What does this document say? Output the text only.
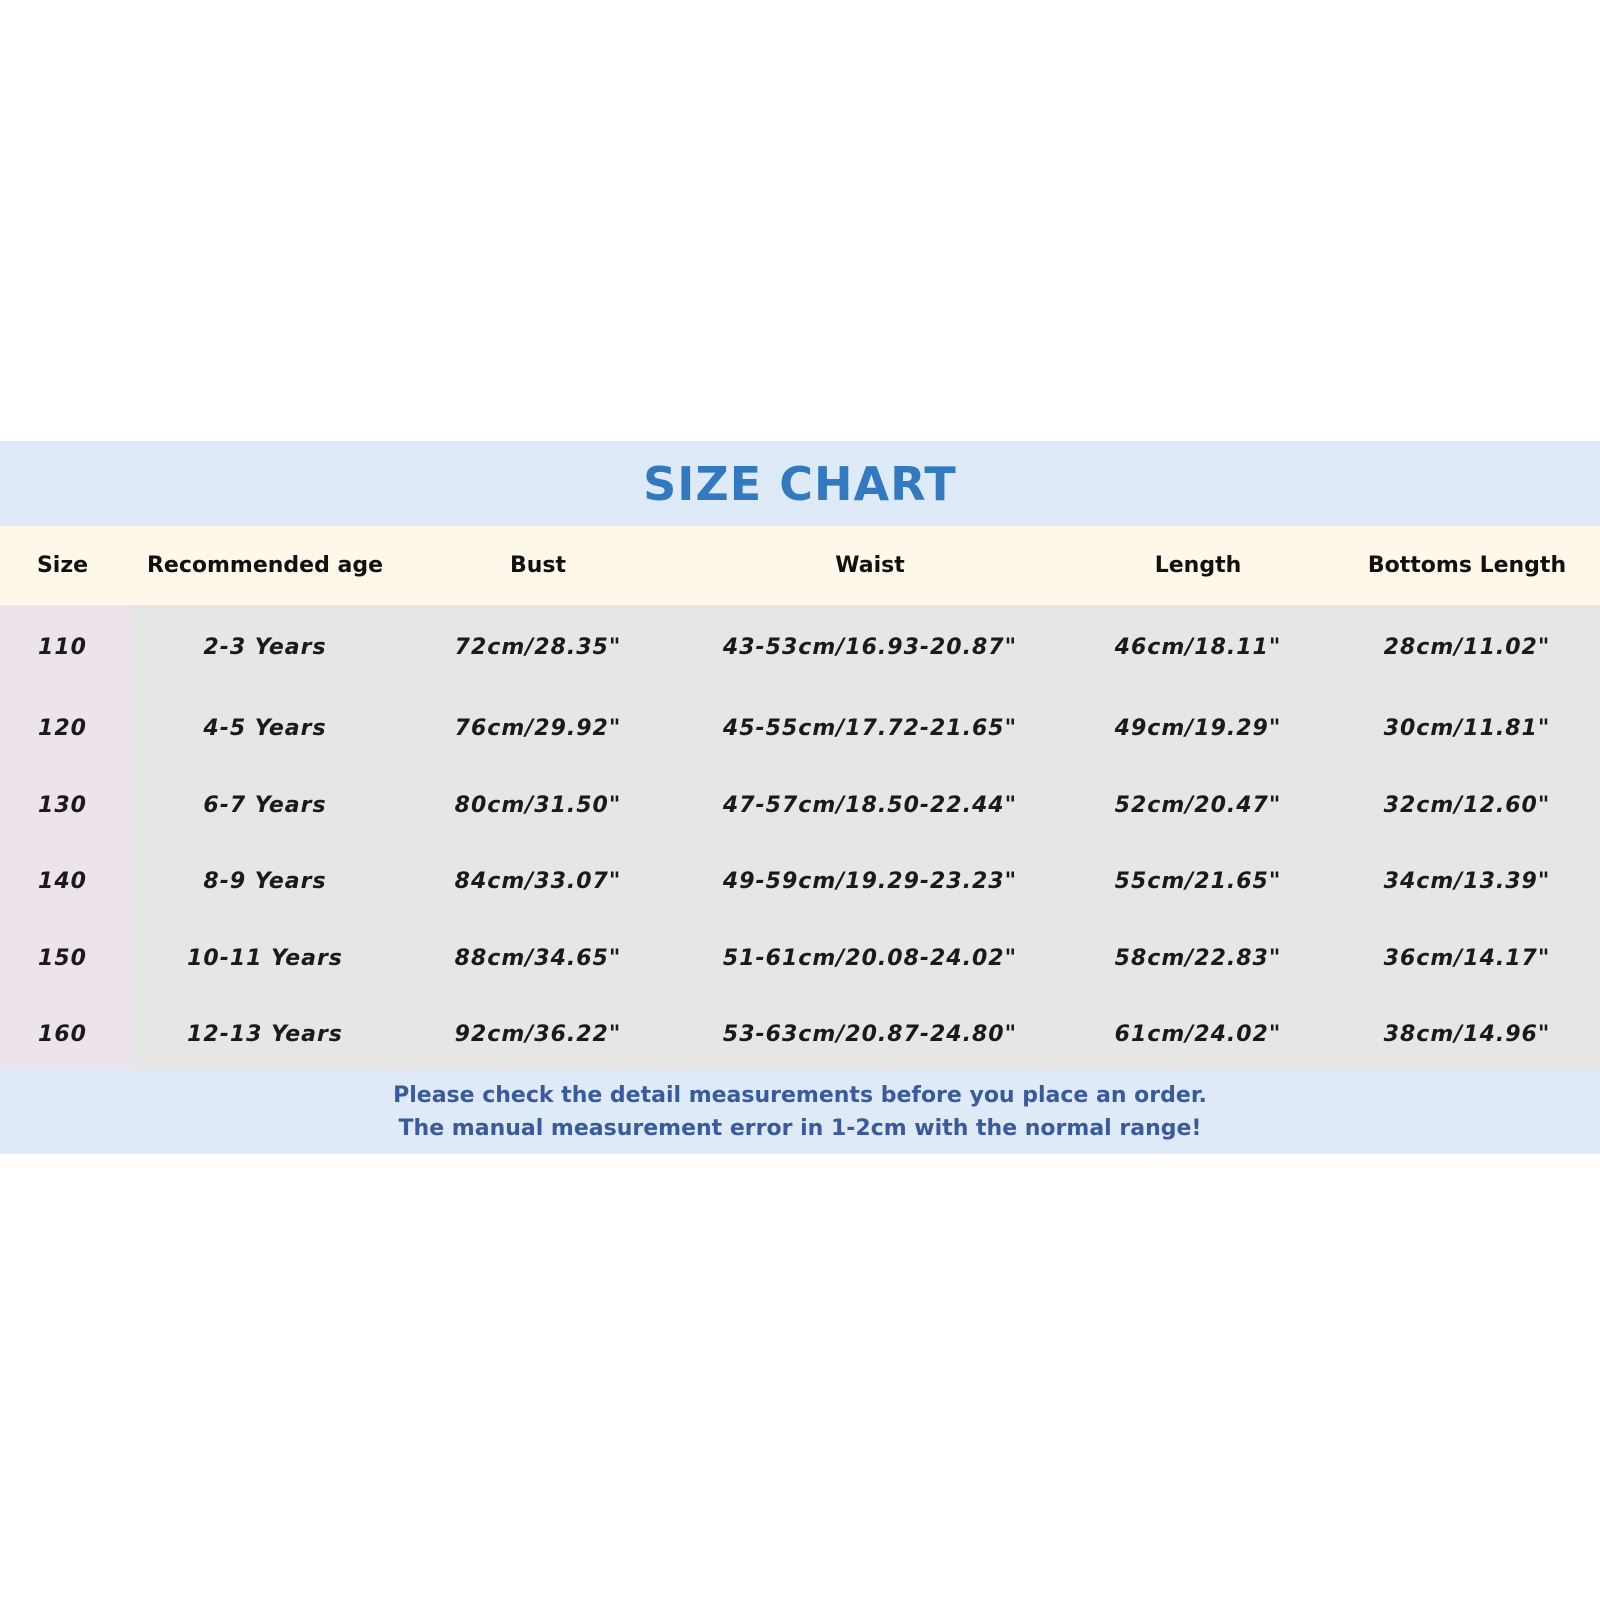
SIZE CHART
Size	Recommended age	Bust	Waist	Length	Bottoms Length
110	2-3 Years	72cm/28.35"	43-53cm/16.93-20.87"	46cm/18.11"	28cm/11.02"
120	4-5 Years	76cm/29.92"	45-55cm/17.72-21.65"	49cm/19.29"	30cm/11.81"
130	6-7 Years	80cm/31.50"	47-57cm/18.50-22.44"	52cm/20.47"	32cm/12.60"
140	8-9 Years	84cm/33.07"	49-59cm/19.29-23.23"	55cm/21.65"	34cm/13.39"
150	10-11 Years	88cm/34.65"	51-61cm/20.08-24.02"	58cm/22.83"	36cm/14.17"
160	12-13 Years	92cm/36.22"	53-63cm/20.87-24.80"	61cm/24.02"	38cm/14.96"
Please check the detail measurements before you place an order.
The manual measurement error in 1-2cm with the normal range!
